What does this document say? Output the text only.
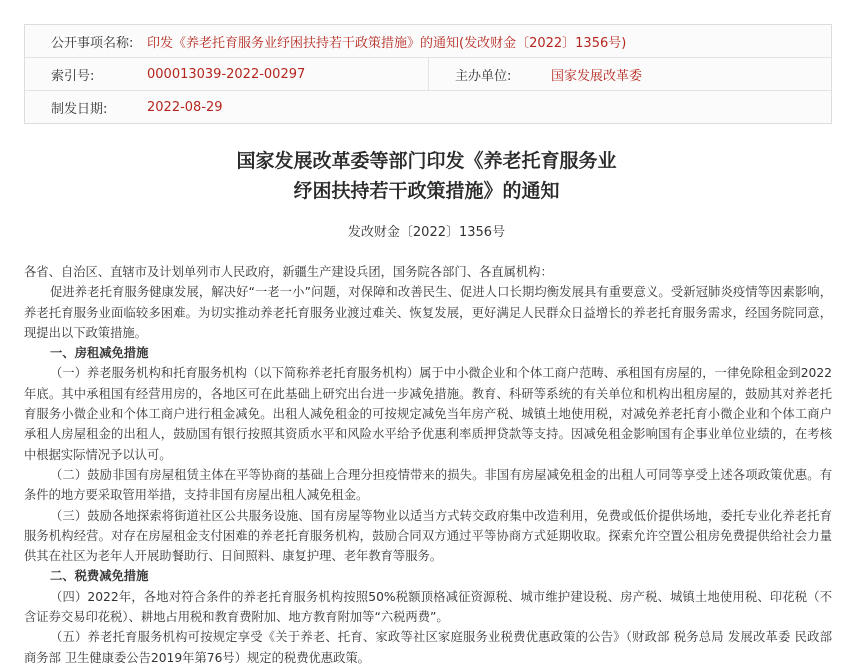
公开事项名称:	印发《养老托育服务业纾困扶持若干政策措施》的通知(发改财金〔2022〕1356号)
索引号:	000013039-2022-00297	主办单位:	国家发展改革委
制发日期:	2022-08-29
国家发展改革委等部门印发《养老托育服务业
纾困扶持若干政策措施》的通知
发改财金〔2022〕1356号

各省、自治区、直辖市及计划单列市人民政府，新疆生产建设兵团，国务院各部门、各直属机构：

促进养老托育服务健康发展，解决好“一老一小”问题，对保障和改善民生、促进人口长期均衡发展具有重要意义。受新冠肺炎疫情等因素影响，养老托育服务业面临较多困难。为切实推动养老托育服务业渡过难关、恢复发展，更好满足人民群众日益增长的养老托育服务需求，经国务院同意，现提出以下政策措施。

一、房租减免措施

（一）养老服务机构和托育服务机构（以下简称养老托育服务机构）属于中小微企业和个体工商户范畴、承租国有房屋的，一律免除租金到2022年底。其中承租国有经营用房的，各地区可在此基础上研究出台进一步减免措施。教育、科研等系统的有关单位和机构出租房屋的，鼓励其对养老托育服务小微企业和个体工商户进行租金减免。出租人减免租金的可按规定减免当年房产税、城镇土地使用税，对减免养老托育小微企业和个体工商户承租人房屋租金的出租人，鼓励国有银行按照其资质水平和风险水平给予优惠利率质押贷款等支持。因减免租金影响国有企事业单位业绩的，在考核中根据实际情况予以认可。

（二）鼓励非国有房屋租赁主体在平等协商的基础上合理分担疫情带来的损失。非国有房屋减免租金的出租人可同等享受上述各项政策优惠。有条件的地方要采取管用举措，支持非国有房屋出租人减免租金。

（三）鼓励各地探索将街道社区公共服务设施、国有房屋等物业以适当方式转交政府集中改造利用，免费或低价提供场地，委托专业化养老托育服务机构经营。对存在房屋租金支付困难的养老托育服务机构，鼓励合同双方通过平等协商方式延期收取。探索允许空置公租房免费提供给社会力量供其在社区为老年人开展助餐助行、日间照料、康复护理、老年教育等服务。

二、税费减免措施

（四）2022年，各地对符合条件的养老托育服务机构按照50%税额顶格减征资源税、城市维护建设税、房产税、城镇土地使用税、印花税（不含证券交易印花税）、耕地占用税和教育费附加、地方教育附加等“六税两费”。

（五）养老托育服务机构可按规定享受《关于养老、托育、家政等社区家庭服务业税费优惠政策的公告》（财政部 税务总局 发展改革委 民政部 商务部 卫生健康委公告2019年第76号）规定的税费优惠政策。
